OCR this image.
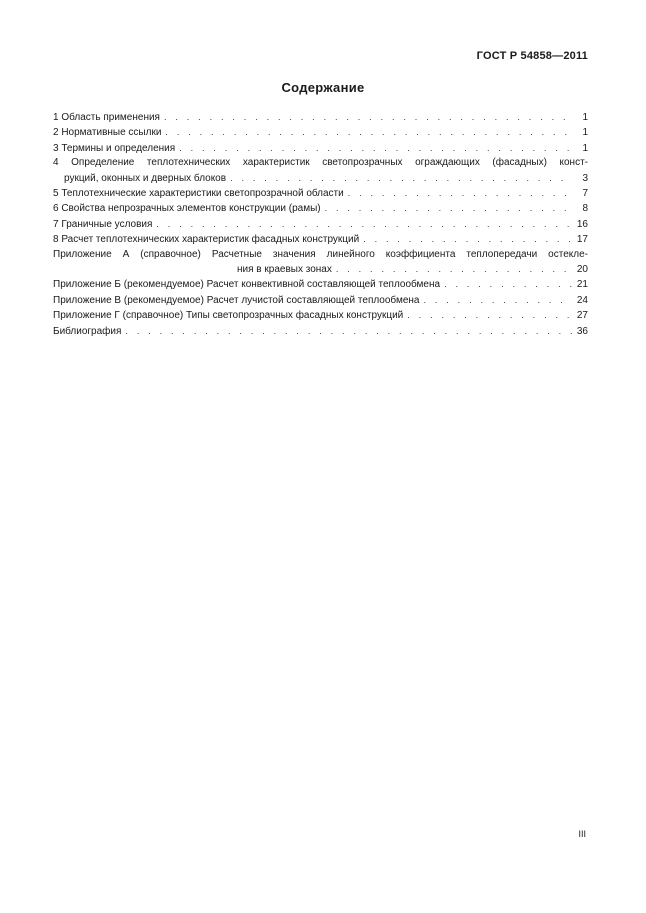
ГОСТ Р 54858—2011
Содержание
1 Область применения . . .	1
2 Нормативные ссылки . . .	1
3 Термины и определения . . .	1
4 Определение теплотехнических характеристик светопрозрачных ограждающих (фасадных) конст-
рукций, оконных и дверных блоков . . .	3
5 Теплотехнические характеристики светопрозрачной области . . .	7
6 Свойства непрозрачных элементов конструкции (рамы) . . .	8
7 Граничные условия . . .	16
8 Расчет теплотехнических характеристик фасадных конструкций . . .	17
Приложение А (справочное) Расчетные значения линейного коэффициента теплопередачи остекле-
ния в краевых зонах . . .	20
Приложение Б (рекомендуемое) Расчет конвективной составляющей теплообмена . . .	21
Приложение В (рекомендуемое) Расчет лучистой составляющей теплообмена . . .	24
Приложение Г (справочное) Типы светопрозрачных фасадных конструкций . . .	27
Библиография . . .	36
III
